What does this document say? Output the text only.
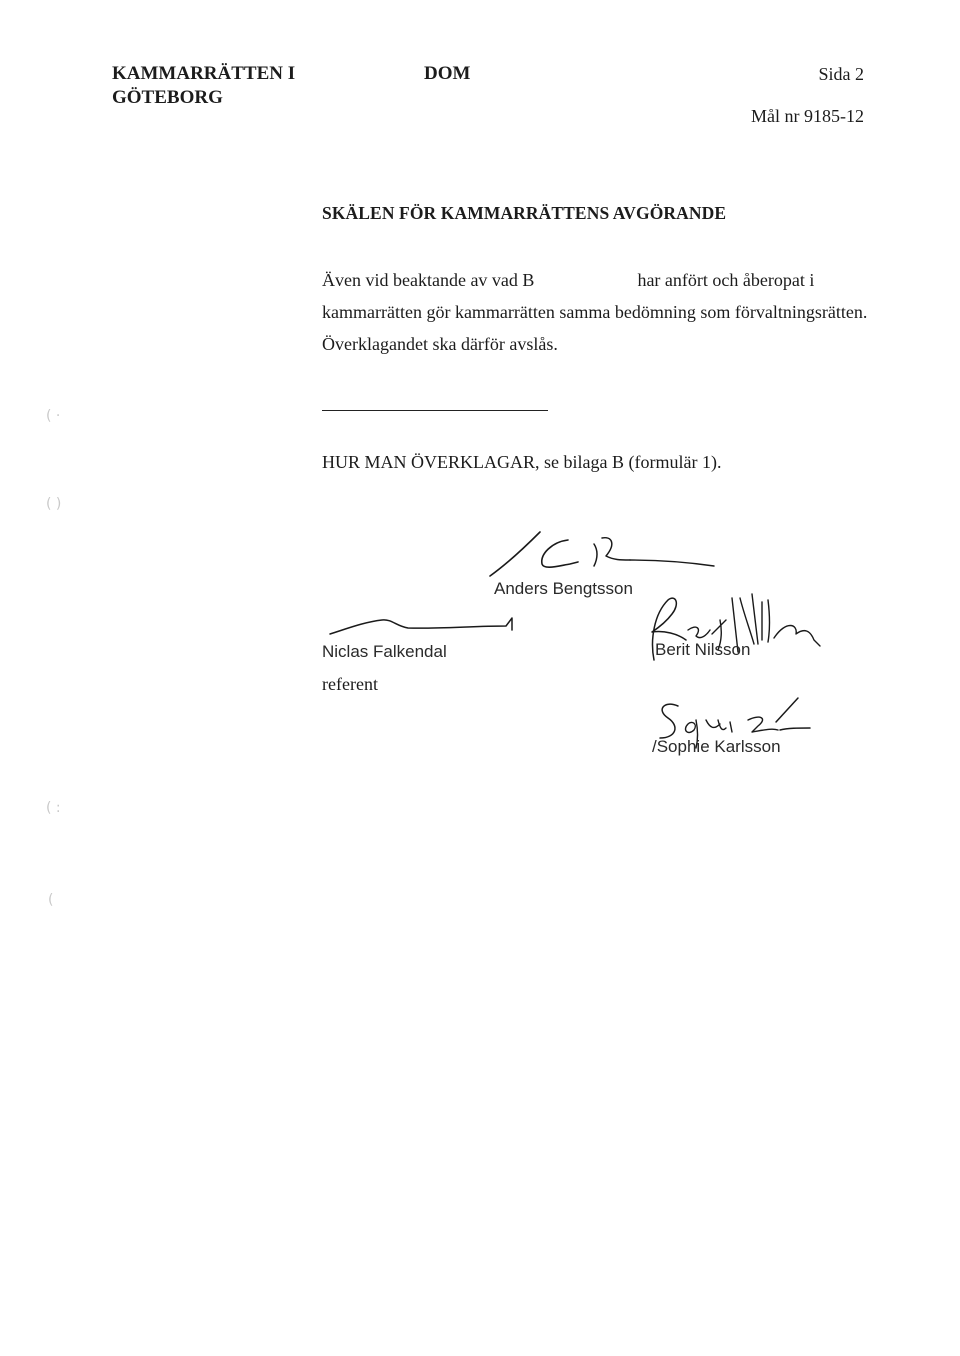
( ·
( )
( :
(
KAMMARRÄTTEN I
GÖTEBORG
DOM	Sida 2
Mål nr 9185-12
SKÄLEN FÖR KAMMARRÄTTENS AVGÖRANDE
Även vid beaktande av vad B	har anfört och åberopat i
kammarrätten gör kammarrätten samma bedömning som förvaltningsrätten.
Överklagandet ska därför avslås.
HUR MAN ÖVERKLAGAR, se bilaga B (formulär 1).
Anders Bengtsson
Niclas Falkendal
referent
Berit Nilsson
/Sophie Karlsson
